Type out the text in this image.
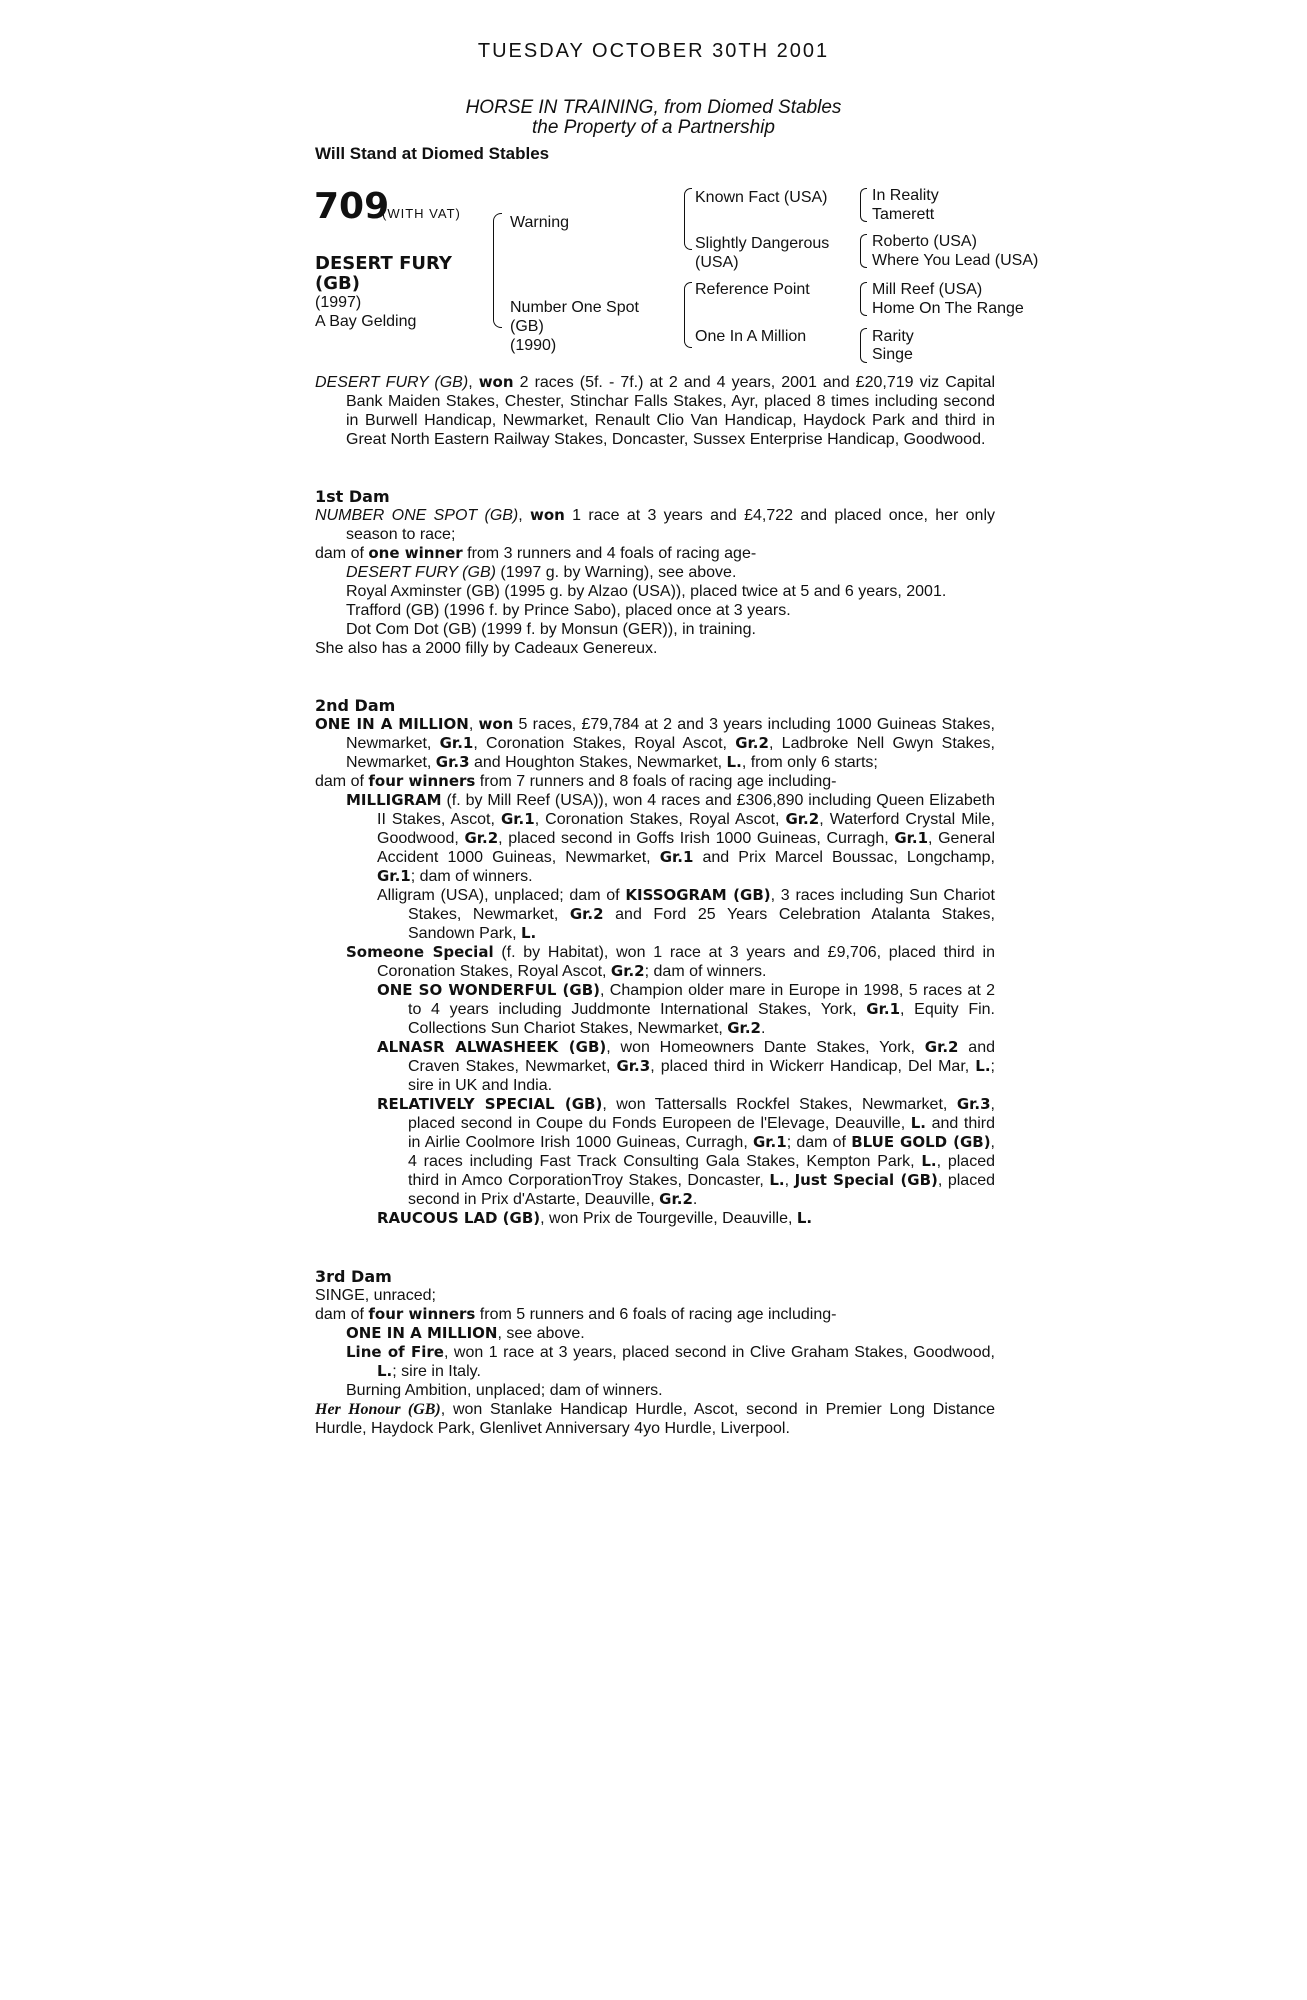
TUESDAY OCTOBER 30TH 2001
HORSE IN TRAINING, from Diomed Stables
the Property of a Partnership
Will Stand at Diomed Stables
709
(WITH VAT)
DESERT FURY
(GB)
(1997)
A Bay Gelding
Warning
Number One Spot
(GB)
(1990)
Known Fact (USA)
Slightly Dangerous
(USA)
Reference Point
One In A Million
In Reality
Tamerett
Roberto (USA)
Where You Lead (USA)
Mill Reef (USA)
Home On The Range
Rarity
Singe

DESERT FURY (GB), won 2 races (5f. - 7f.) at 2 and 4 years, 2001 and £20,719 viz Capital Bank Maiden Stakes, Chester, Stinchar Falls Stakes, Ayr, placed 8 times including second in Burwell Handicap, Newmarket, Renault Clio Van Handicap, Haydock Park and third in Great North Eastern Railway Stakes, Doncaster, Sussex Enterprise Handicap, Goodwood.

1st Dam

NUMBER ONE SPOT (GB), won 1 race at 3 years and £4,722 and placed once, her only season to race;

dam of one winner from 3 runners and 4 foals of racing age-

DESERT FURY (GB) (1997 g. by Warning), see above.

Royal Axminster (GB) (1995 g. by Alzao (USA)), placed twice at 5 and 6 years, 2001.

Trafford (GB) (1996 f. by Prince Sabo), placed once at 3 years.

Dot Com Dot (GB) (1999 f. by Monsun (GER)), in training.

She also has a 2000 filly by Cadeaux Genereux.

2nd Dam

ONE IN A MILLION, won 5 races, £79,784 at 2 and 3 years including 1000 Guineas Stakes, Newmarket, Gr.1, Coronation Stakes, Royal Ascot, Gr.2, Ladbroke Nell Gwyn Stakes, Newmarket, Gr.3 and Houghton Stakes, Newmarket, L., from only 6 starts;

dam of four winners from 7 runners and 8 foals of racing age including-

MILLIGRAM (f. by Mill Reef (USA)), won 4 races and £306,890 including Queen Elizabeth II Stakes, Ascot, Gr.1, Coronation Stakes, Royal Ascot, Gr.2, Waterford Crystal Mile, Goodwood, Gr.2, placed second in Goffs Irish 1000 Guineas, Curragh, Gr.1, General Accident 1000 Guineas, Newmarket, Gr.1 and Prix Marcel Boussac, Longchamp, Gr.1; dam of winners.

Alligram (USA), unplaced; dam of KISSOGRAM (GB), 3 races including Sun Chariot Stakes, Newmarket, Gr.2 and Ford 25 Years Celebration Atalanta Stakes, Sandown Park, L.

Someone Special (f. by Habitat), won 1 race at 3 years and £9,706, placed third in Coronation Stakes, Royal Ascot, Gr.2; dam of winners.

ONE SO WONDERFUL (GB), Champion older mare in Europe in 1998, 5 races at 2 to 4 years including Juddmonte International Stakes, York, Gr.1, Equity Fin. Collections Sun Chariot Stakes, Newmarket, Gr.2.

ALNASR ALWASHEEK (GB), won Homeowners Dante Stakes, York, Gr.2 and Craven Stakes, Newmarket, Gr.3, placed third in Wickerr Handicap, Del Mar, L.; sire in UK and India.

RELATIVELY SPECIAL (GB), won Tattersalls Rockfel Stakes, Newmarket, Gr.3, placed second in Coupe du Fonds Europeen de l'Elevage, Deauville, L. and third in Airlie Coolmore Irish 1000 Guineas, Curragh, Gr.1; dam of BLUE GOLD (GB), 4 races including Fast Track Consulting Gala Stakes, Kempton Park, L., placed third in Amco CorporationTroy Stakes, Doncaster, L., Just Special (GB), placed second in Prix d'Astarte, Deauville, Gr.2.

RAUCOUS LAD (GB), won Prix de Tourgeville, Deauville, L.

3rd Dam

SINGE, unraced;

dam of four winners from 5 runners and 6 foals of racing age including-

ONE IN A MILLION, see above.

Line of Fire, won 1 race at 3 years, placed second in Clive Graham Stakes, Goodwood, L.; sire in Italy.

Burning Ambition, unplaced; dam of winners.

Her Honour (GB), won Stanlake Handicap Hurdle, Ascot, second in Premier Long Distance Hurdle, Haydock Park, Glenlivet Anniversary 4yo Hurdle, Liverpool.
